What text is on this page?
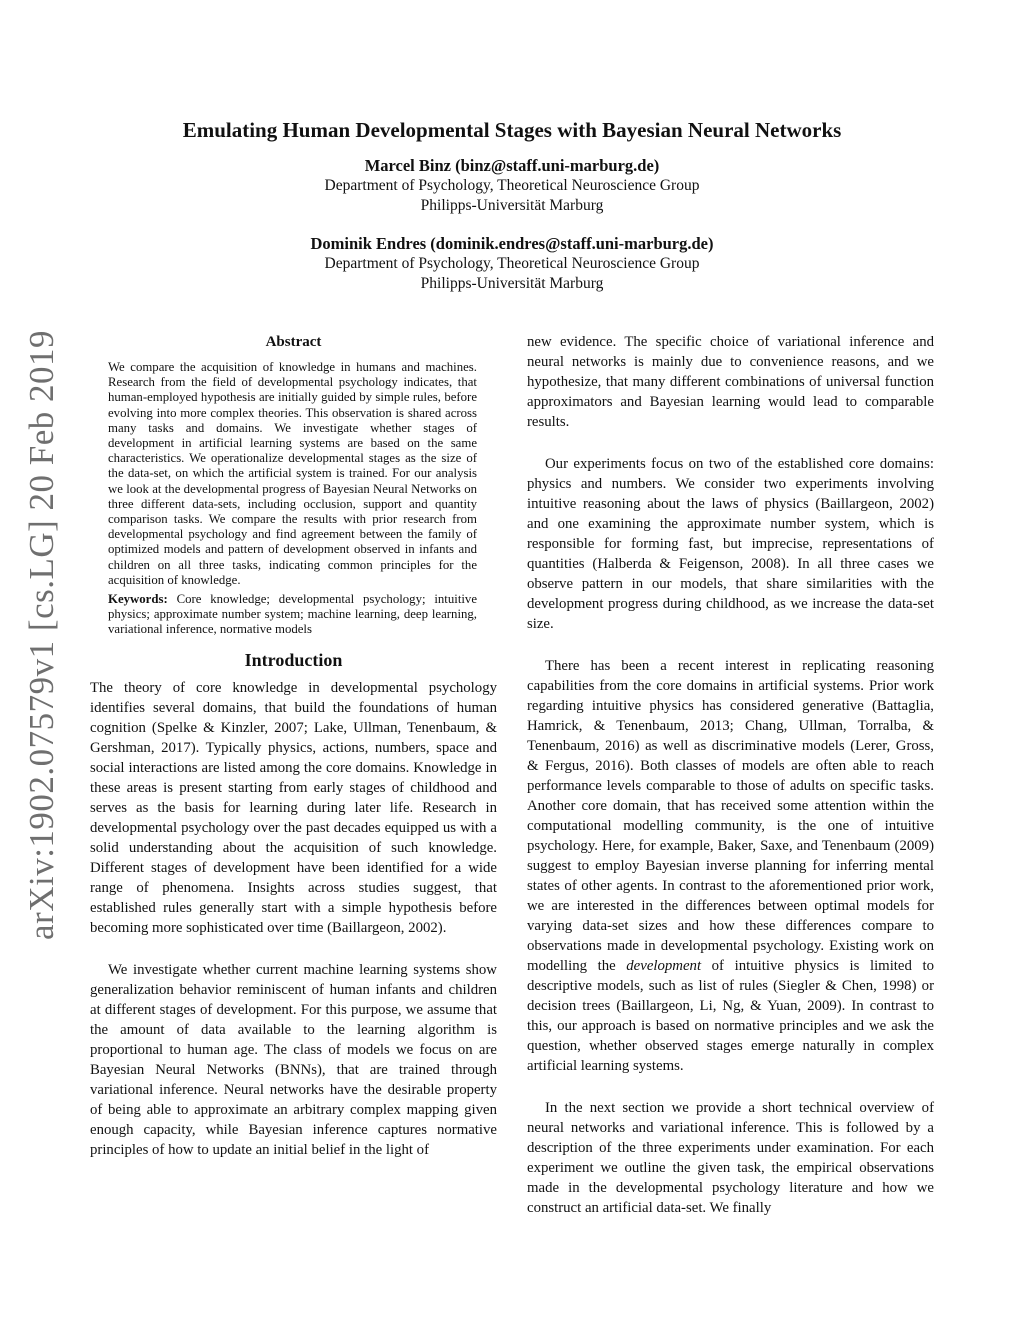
arXiv:1902.07579v1 [cs.LG] 20 Feb 2019
Emulating Human Developmental Stages with Bayesian Neural Networks
Marcel Binz (binz@staff.uni-marburg.de)
Department of Psychology, Theoretical Neuroscience Group
Philipps-Universität Marburg
Dominik Endres (dominik.endres@staff.uni-marburg.de)
Department of Psychology, Theoretical Neuroscience Group
Philipps-Universität Marburg
Abstract

We compare the acquisition of knowledge in humans and machines. Research from the field of developmental psychology indicates, that human-employed hypothesis are initially guided by simple rules, before evolving into more complex theories. This observation is shared across many tasks and domains. We investigate whether stages of development in artificial learning systems are based on the same characteristics. We operationalize developmental stages as the size of the data-set, on which the artificial system is trained. For our analysis we look at the developmental progress of Bayesian Neural Networks on three different data-sets, including occlusion, support and quantity comparison tasks. We compare the results with prior research from developmental psychology and find agreement between the family of optimized models and pattern of development observed in infants and children on all three tasks, indicating common principles for the acquisition of knowledge.

Keywords: Core knowledge; developmental psychology; intuitive physics; approximate number system; machine learning, deep learning, variational inference, normative models

Introduction

The theory of core knowledge in developmental psychology identifies several domains, that build the foundations of human cognition (Spelke & Kinzler, 2007; Lake, Ullman, Tenenbaum, & Gershman, 2017). Typically physics, actions, numbers, space and social interactions are listed among the core domains. Knowledge in these areas is present starting from early stages of childhood and serves as the basis for learning during later life. Research in developmental psychology over the past decades equipped us with a solid understanding about the acquisition of such knowledge. Different stages of development have been identified for a wide range of phenomena. Insights across studies suggest, that established rules generally start with a simple hypothesis before becoming more sophisticated over time (Baillargeon, 2002).

We investigate whether current machine learning systems show generalization behavior reminiscent of human infants and children at different stages of development. For this purpose, we assume that the amount of data available to the learning algorithm is proportional to human age. The class of models we focus on are Bayesian Neural Networks (BNNs), that are trained through variational inference. Neural networks have the desirable property of being able to approximate an arbitrary complex mapping given enough capacity, while Bayesian inference captures normative principles of how to update an initial belief in the light of

new evidence. The specific choice of variational inference and neural networks is mainly due to convenience reasons, and we hypothesize, that many different combinations of universal function approximators and Bayesian learning would lead to comparable results.

Our experiments focus on two of the established core domains: physics and numbers. We consider two experiments involving intuitive reasoning about the laws of physics (Baillargeon, 2002) and one examining the approximate number system, which is responsible for forming fast, but imprecise, representations of quantities (Halberda & Feigenson, 2008). In all three cases we observe pattern in our models, that share similarities with the development progress during childhood, as we increase the data-set size.

There has been a recent interest in replicating reasoning capabilities from the core domains in artificial systems. Prior work regarding intuitive physics has considered generative (Battaglia, Hamrick, & Tenenbaum, 2013; Chang, Ullman, Torralba, & Tenenbaum, 2016) as well as discriminative models (Lerer, Gross, & Fergus, 2016). Both classes of models are often able to reach performance levels comparable to those of adults on specific tasks. Another core domain, that has received some attention within the computational modelling community, is the one of intuitive psychology. Here, for example, Baker, Saxe, and Tenenbaum (2009) suggest to employ Bayesian inverse planning for inferring mental states of other agents. In contrast to the aforementioned prior work, we are interested in the differences between optimal models for varying data-set sizes and how these differences compare to observations made in developmental psychology. Existing work on modelling the development of intuitive physics is limited to descriptive models, such as list of rules (Siegler & Chen, 1998) or decision trees (Baillargeon, Li, Ng, & Yuan, 2009). In contrast to this, our approach is based on normative principles and we ask the question, whether observed stages emerge naturally in complex artificial learning systems.

In the next section we provide a short technical overview of neural networks and variational inference. This is followed by a description of the three experiments under examination. For each experiment we outline the given task, the empirical observations made in the developmental psychology literature and how we construct an artificial data-set. We finally
